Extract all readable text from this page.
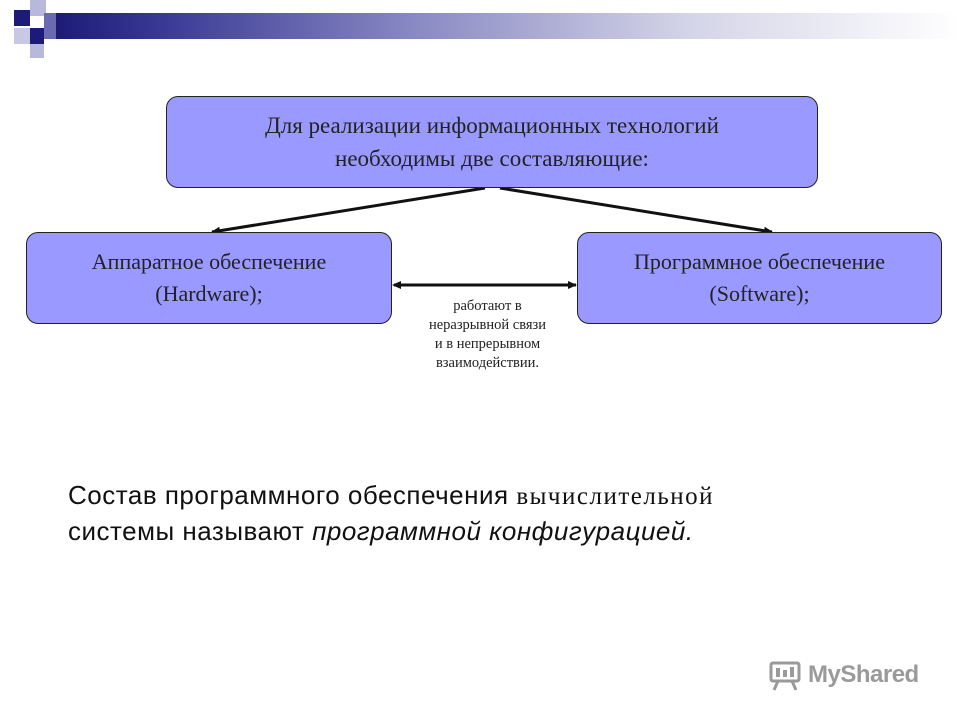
Для реализации информационных технологий
необходимы две составляющие:
Аппаратное обеспечение
(Hardware);
Программное обеспечение
(Software);
работают в
неразрывной связи
и в непрерывном
взаимодействии.
Состав программного обеспечения вычислительной
системы называют программной конфигурацией.
MyShared
